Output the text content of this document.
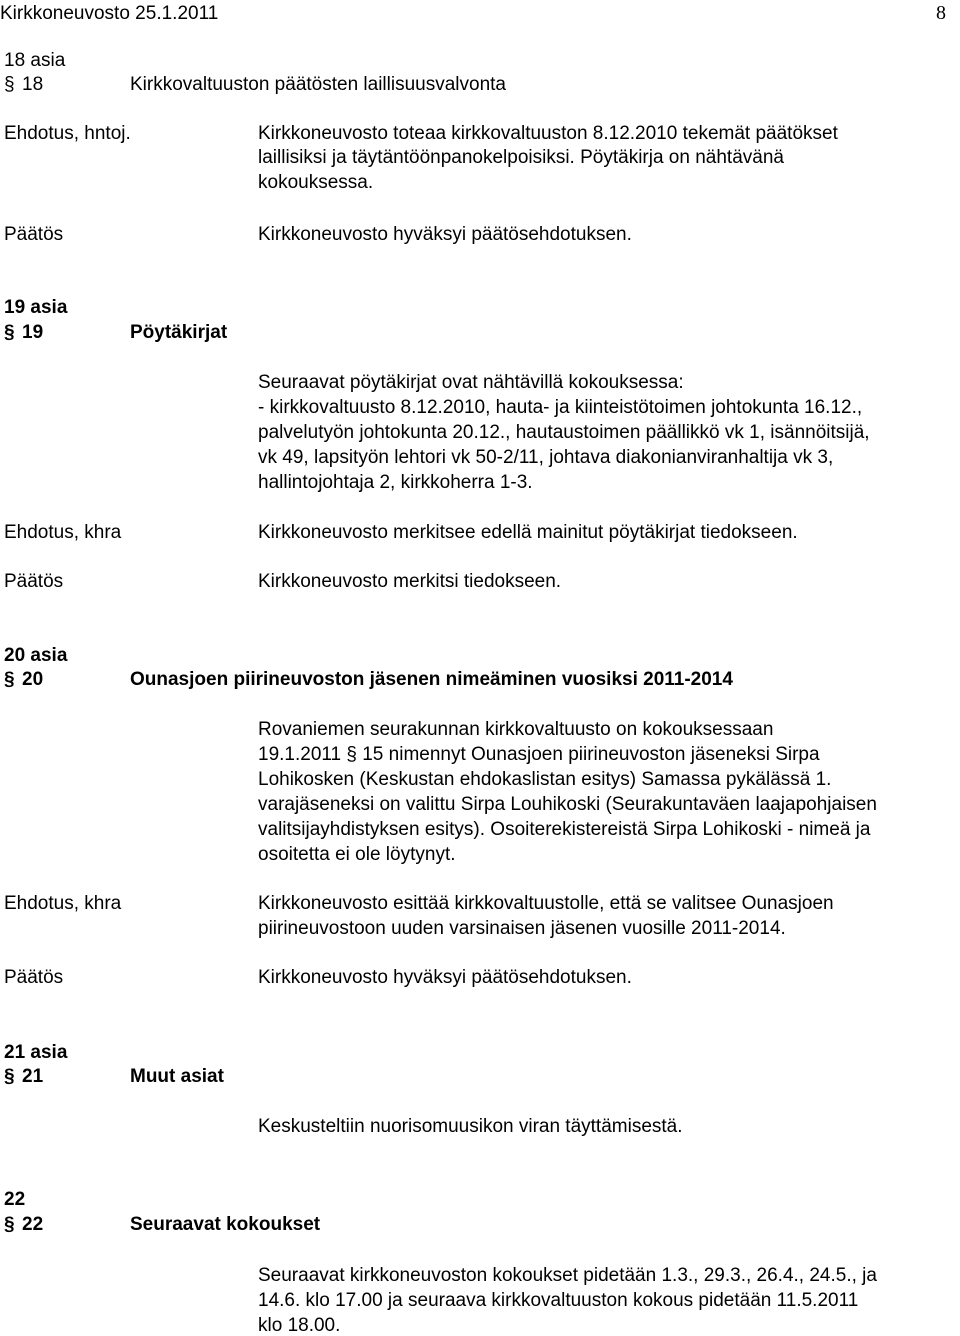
Kirkkoneuvosto 25.1.2011	8
18 asia
§ 18	Kirkkovaltuuston päätösten laillisuusvalvonta
Ehdotus, hntoj.	Kirkkoneuvosto toteaa kirkkovaltuuston 8.12.2010 tekemät päätökset
laillisiksi ja täytäntöönpanokelpoisiksi. Pöytäkirja on nähtävänä
kokouksessa.
Päätös	Kirkkoneuvosto hyväksyi päätösehdotuksen.
19 asia
§ 19	Pöytäkirjat
Seuraavat pöytäkirjat ovat nähtävillä kokouksessa:
- kirkkovaltuusto 8.12.2010, hauta- ja kiinteistötoimen johtokunta 16.12.,
palvelutyön johtokunta 20.12., hautaustoimen päällikkö vk 1, isännöitsijä,
vk 49, lapsityön lehtori vk 50-2/11, johtava diakonianviranhaltija vk 3,
hallintojohtaja 2, kirkkoherra 1-3.
Ehdotus, khra	Kirkkoneuvosto merkitsee edellä mainitut pöytäkirjat tiedokseen.
Päätös	Kirkkoneuvosto merkitsi tiedokseen.
20 asia
§ 20	Ounasjoen piirineuvoston jäsenen nimeäminen vuosiksi 2011-2014
Rovaniemen seurakunnan kirkkovaltuusto on kokouksessaan
19.1.2011 § 15 nimennyt Ounasjoen piirineuvoston jäseneksi Sirpa
Lohikosken (Keskustan ehdokaslistan esitys) Samassa pykälässä 1.
varajäseneksi on valittu Sirpa Louhikoski (Seurakuntaväen laajapohjaisen
valitsijayhdistyksen esitys). Osoiterekistereistä Sirpa Lohikoski - nimeä ja
osoitetta ei ole löytynyt.
Ehdotus, khra	Kirkkoneuvosto esittää kirkkovaltuustolle, että se valitsee Ounasjoen
piirineuvostoon uuden varsinaisen jäsenen vuosille 2011-2014.
Päätös	Kirkkoneuvosto hyväksyi päätösehdotuksen.
21 asia
§ 21	Muut asiat
Keskusteltiin nuorisomuusikon viran täyttämisestä.
22
§ 22	Seuraavat kokoukset
Seuraavat kirkkoneuvoston kokoukset pidetään 1.3., 29.3., 26.4., 24.5., ja
14.6. klo 17.00 ja seuraava kirkkovaltuuston kokous pidetään 11.5.2011
klo 18.00.
